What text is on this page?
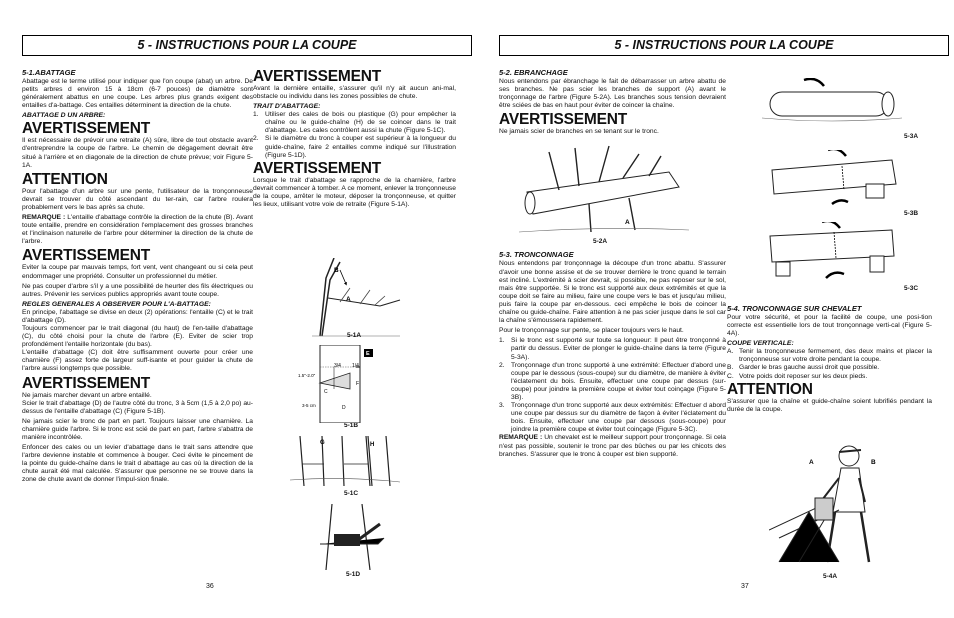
5 - INSTRUCTIONS POUR LA COUPE
5-1.ABATTAGE

Abattage est le terme utilisé pour indiquer que l'on coupe (abat) un arbre. De petits arbres d environ 15 à 18cm (6-7 pouces) de diamètre sont généralement abattus en une coupe. Les arbres plus grands exigent des entailles d'a-battage. Ces entailles déterminent la direction de la chute.

ABATTAGE D UN ARBRE:
AVERTISSEMENT

Il est nécessaire de prévoir une retraite (A) sûre, libre de tout obstacle avant d'entreprendre la coupe de l'arbre. Le chemin de dégagement devrait être situé à l'arrière et en diagonale de la direction de chute prévue; voir Figure 5-1A.

ATTENTION

Pour l'abattage d'un arbre sur une pente, l'utilisateur de la tronçonneuse devrait se trouver du côté ascendant du ter-rain, car l'arbre roulera probablement vers le bas après sa chute.

REMARQUE : L'entaille d'abattage contrôle la direction de la chute (B). Avant toute entaille, prendre en considération l'emplacement des grosses branches et l'inclinaison naturelle de l'arbre pour déterminer la direction de la chute de l'arbre.

AVERTISSEMENT

Eviter la coupe par mauvais temps, fort vent, vent changeant ou si cela peut endommager une propriété. Consulter un professionnel du métier.

Ne pas couper d'arbre s'il y a une possibilité de heurter des fils électriques ou autres. Prévenir les services publics appropriés avant toute coupe.

REGLES GENERALES A OBSERVER POUR L'A-BATTAGE:

En principe, l'abattage se divise en deux (2) opérations: l'entaille (C) et le trait d'abattage (D).

Toujours commencer par le trait diagonal (du haut) de l'en-taille d'abattage (C), du côté choisi pour la chute de l'arbre (E). Eviter de scier trop profondément l'entaille horizontale (du bas).

L'entaille d'abattage (C) doit être suffisamment ouverte pour créer une charnière (F) assez forte de largeur suff-isante et pour guider la chute de l'arbre aussi longtemps que possible.

AVERTISSEMENT

Ne jamais marcher devant un arbre entaillé.

Scier le trait d'abattage (D) de l'autre côté du tronc, 3 à 5cm (1,5 à 2,0 po) au-dessus de l'entaille d'abattage (C) (Figure 5-1B).

Ne jamais scier le tronc de part en part. Toujours laisser une charnière. La charnière guide l'arbre. Si le tronc est scié de part en part, l'arbre s'abattra de manière incontrôlée.

Enfoncer des cales ou un levier d'abattage dans le trait sans attendre que l'arbre devienne instable et commence à bouger. Ceci évite le pincement de la pointe du guide-chaîne dans le trait d abattage au cas où la direction de la chute aurait été mal calculée. S'assurer que personne ne se trouve dans la zone de chute avant de donner l'impul-sion finale.

AVERTISSEMENT

Avant la dernière entaille, s'assurer qu'il n'y ait aucun ani-mal, obstacle ou individu dans les zones possibles de chute.

TRAIT D'ABATTAGE:
1. Utiliser des cales de bois ou plastique (G) pour empêcher la chaîne ou le guide-chaîne (H) de se coincer dans le trait d'abattage. Les cales contrôlent aussi la chute (Figure 5-1C).
2. Si le diamètre du tronc à couper est supérieur à la longueur du guide-chaîne, faire 2 entailles comme indiqué sur l'illustration (Figure 5-1D).
AVERTISSEMENT

Lorsque le trait d'abattage se rapproche de la charnière, l'arbre devrait commencer à tomber. A ce moment, enlever la tronçonneuse de la coupe, arrêter le moteur, déposer la tronçonneuse, et quitter les lieux, utilisant votre voie de retraite (Figure 5-1A).

B
A
5-1A
3/4 1/4
1.5"-2.0"
3-5 cm
C
D
E
F
5-1B
G	H
5-1C
5-1D
36
5 - INSTRUCTIONS POUR LA COUPE
5-2. EBRANCHAGE

Nous entendons par ébranchage le fait de débarrasser un arbre abattu de ses branches. Ne pas scier les branches de support (A) avant le tronçonnage de l'arbre (Figure 5-2A). Les branches sous tension devraient être sciées de bas en haut pour éviter de coincer la chaîne.

AVERTISSEMENT

Ne jamais scier de branches en se tenant sur le tronc.

A
5-2A
5-3. TRONCONNAGE

Nous entendons par tronçonnage la découpe d'un tronc abattu. S'assurer d'avoir une bonne assise et de se trouver derrière le tronc quand le terrain est incliné. L'extrémité à scier devrait, si possible, ne pas reposer sur le sol, mais être supportée. Si le tronc est supporté aux deux extrémités et que la coupe doit se faire au milieu, faire une coupe vers le bas et jusqu'au milieu, puis faire la coupe par en-dessous. ceci empêche le bois de coincer la chaîne ou guide-chaîne. Faire attention à ne pas scier jusque dans le sol car la chaîne s'émoussera rapidement.

Pour le tronçonnage sur pente, se placer toujours vers le haut.

1. Si le tronc est supporté sur toute sa longueur: Il peut être tronçonné à partir du dessus. Eviter de plonger le guide-chaîne dans la terre (Figure 5-3A).
2. Tronçonnage d'un tronc supporté à une extrémité: Effectuer d'abord une coupe par le dessous (sous-coupe) sur du diamètre, de manière à éviter l'éclatement du bois. Ensuite, effectuer une coupe par dessus (sur-coupe) pour joindre la première coupe et éviter tout coinçage (Figure 5-3B).
3. Tronçonnage d'un tronc supporté aux deux extrémités: Effectuer d abord une coupe par dessus sur du diamètre de façon à éviter l'éclatement du bois. Ensuite, effectuer une coupe par dessous (sous-coupe) pour joindre la première coupe et éviter tout coinçage (Figure 5-3C).

REMARQUE : Un chevalet est le meilleur support pour tronçonnage. Si cela n'est pas possible, soutenir le tronc par des bûches ou par les chicots des branches. S'assurer que le tronc à couper est bien supporté.

5-3A
5-3B
5-3C
5-4. TRONCONNAGE SUR CHEVALET

Pour votre sécurité, et pour la facilité de coupe, une posi-tion correcte est essentielle lors de tout tronçonnage verti-cal (Figure 5-4A).

COUPE VERTICALE:
A. Tenir la tronçonneuse fermement, des deux mains et placer la tronçonneuse sur votre droite pendant la coupe.
B. Garder le bras gauche aussi droit que possible.
C. Votre poids doit reposer sur les deux pieds.
ATTENTION

S'assurer que la chaîne et guide-chaîne soient lubrifiés pendant la durée de la coupe.

A	B
C
5-4A
37
